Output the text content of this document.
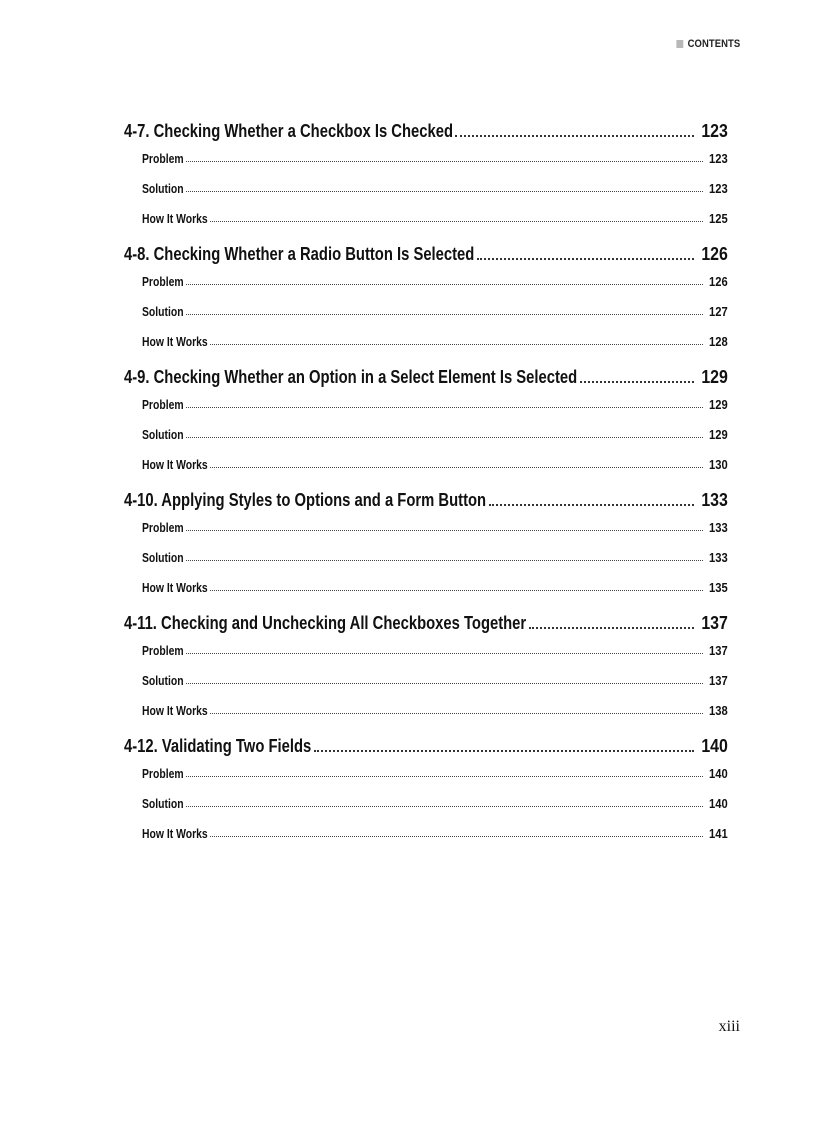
CONTENTS
4-7. Checking Whether a Checkbox Is Checked	123
Problem	123
Solution	123
How It Works	125
4-8. Checking Whether a Radio Button Is Selected	126
Problem	126
Solution	127
How It Works	128
4-9. Checking Whether an Option in a Select Element Is Selected	129
Problem	129
Solution	129
How It Works	130
4-10. Applying Styles to Options and a Form Button	133
Problem	133
Solution	133
How It Works	135
4-11. Checking and Unchecking All Checkboxes Together	137
Problem	137
Solution	137
How It Works	138
4-12. Validating Two Fields	140
Problem	140
Solution	140
How It Works	141
xiii
